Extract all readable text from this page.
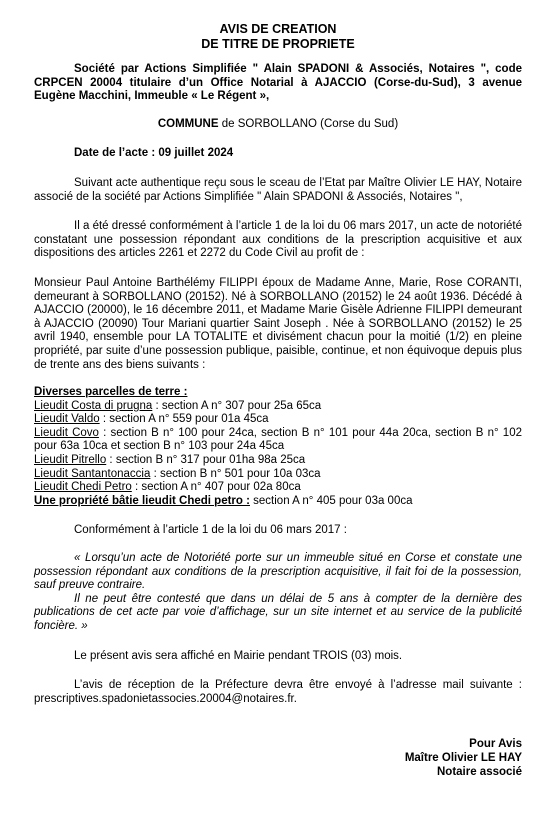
AVIS DE CREATION

DE TITRE DE PROPRIETE

Société par Actions Simplifiée " Alain SPADONI & Associés, Notaires ", code CRPCEN 20004 titulaire d’un Office Notarial à AJACCIO (Corse-du-Sud), 3 avenue Eugène Macchini, Immeuble « Le Régent »,

COMMUNE de SORBOLLANO (Corse du Sud)

Date de l’acte : 09 juillet 2024

Suivant acte authentique reçu sous le sceau de l’Etat par Maître Olivier LE HAY, Notaire associé de la société par Actions Simplifiée " Alain SPADONI & Associés, Notaires ",

Il a été dressé conformément à l’article 1 de la loi du 06 mars 2017, un acte de notoriété constatant une possession répondant aux conditions de la prescription acquisitive et aux dispositions des articles 2261 et 2272 du Code Civil au profit de :

Monsieur Paul Antoine Barthélémy FILIPPI époux de Madame Anne, Marie, Rose CORANTI, demeurant à SORBOLLANO (20152). Né à SORBOLLANO (20152) le 24 août 1936. Décédé à AJACCIO (20000), le 16 décembre 2011, et Madame Marie Gisèle Adrienne FILIPPI demeurant à AJACCIO (20090) Tour Mariani quartier Saint Joseph . Née à SORBOLLANO (20152) le 25 avril 1940, ensemble pour LA TOTALITE et divisément chacun pour la moitié (1/2) en pleine propriété, par suite d’une possession publique, paisible, continue, et non équivoque depuis plus de trente ans des biens suivants :

Diverses parcelles de terre :
Lieudit Costa di prugna : section A n° 307 pour 25a 65ca
Lieudit Valdo : section A n° 559 pour 01a 45ca
Lieudit Covo : section B n° 100 pour 24ca, section B n° 101 pour 44a 20ca, section B n° 102 pour 63a 10ca et section B n° 103 pour 24a 45ca
Lieudit Pitrello : section B n° 317 pour 01ha 98a 25ca
Lieudit Santantonaccia : section B n° 501 pour 10a 03ca
Lieudit Chedi Petro : section A n° 407 pour 02a 80ca
Une propriété bâtie lieudit Chedi petro : section A n° 405 pour 03a 00ca

Conformément à l’article 1 de la loi du 06 mars 2017 :

« Lorsqu’un acte de Notoriété porte sur un immeuble situé en Corse et constate une possession répondant aux conditions de la prescription acquisitive, il fait foi de la possession, sauf preuve contraire.

Il ne peut être contesté que dans un délai de 5 ans à compter de la dernière des publications de cet acte par voie d’affichage, sur un site internet et au service de la publicité foncière. »

Le présent avis sera affiché en Mairie pendant TROIS (03) mois.

L’avis de réception de la Préfecture devra être envoyé à l’adresse mail suivante : prescriptives.spadonietassocies.20004@notaires.fr.

Pour Avis

Maître Olivier LE HAY

Notaire associé
